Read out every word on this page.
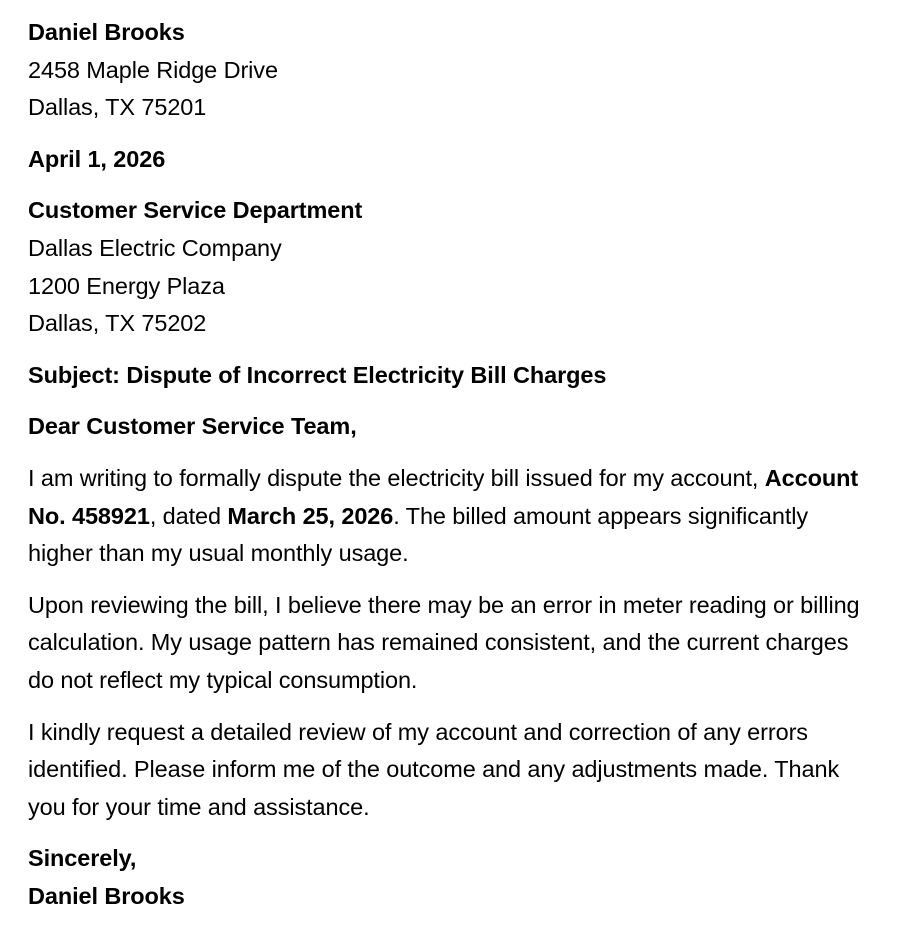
Daniel Brooks
2458 Maple Ridge Drive
Dallas, TX 75201
April 1, 2026
Customer Service Department
Dallas Electric Company
1200 Energy Plaza
Dallas, TX 75202
Subject: Dispute of Incorrect Electricity Bill Charges
Dear Customer Service Team,

I am writing to formally dispute the electricity bill issued for my account, Account No. 458921, dated March 25, 2026. The billed amount appears significantly higher than my usual monthly usage.

Upon reviewing the bill, I believe there may be an error in meter reading or billing calculation. My usage pattern has remained consistent, and the current charges do not reflect my typical consumption.

I kindly request a detailed review of my account and correction of any errors identified. Please inform me of the outcome and any adjustments made. Thank you for your time and assistance.

Sincerely,
Daniel Brooks
